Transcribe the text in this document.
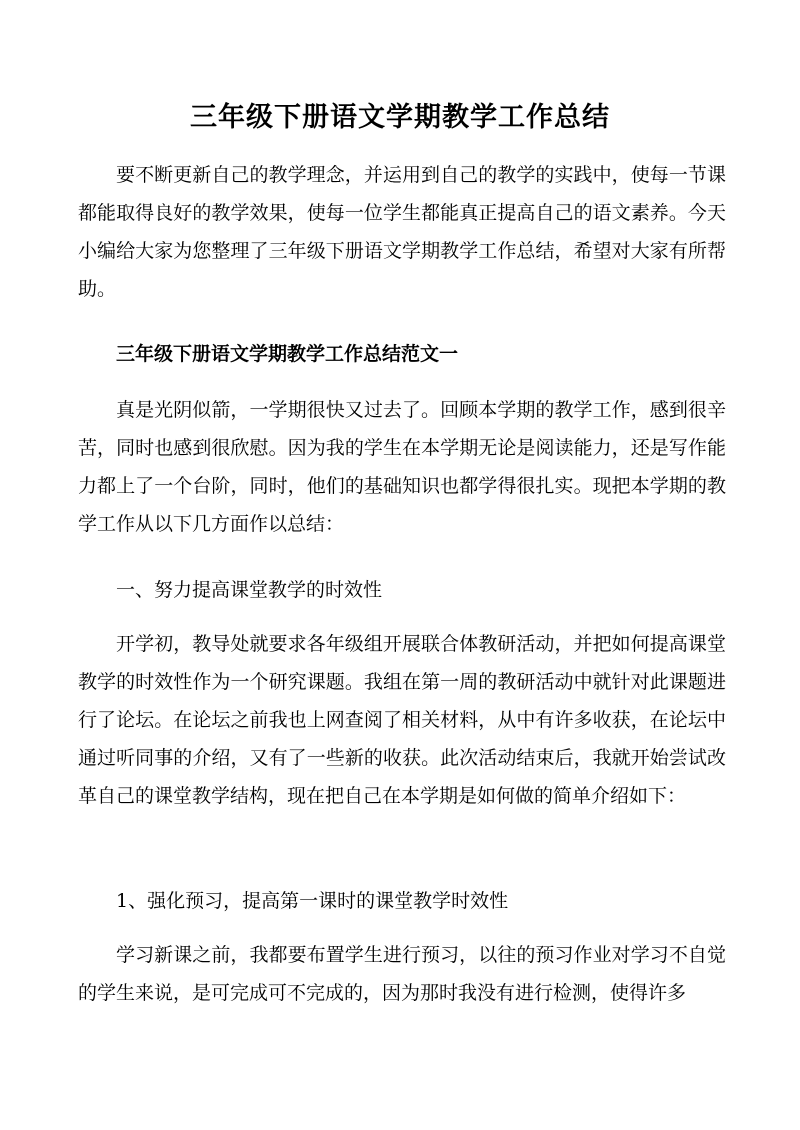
三年级下册语文学期教学工作总结

要不断更新自己的教学理念，并运用到自己的教学的实践中，使每一节课都能取得良好的教学效果，使每一位学生都能真正提高自己的语文素养。今天小编给大家为您整理了三年级下册语文学期教学工作总结，希望对大家有所帮助。

三年级下册语文学期教学工作总结范文一

真是光阴似箭，一学期很快又过去了。回顾本学期的教学工作，感到很辛苦，同时也感到很欣慰。因为我的学生在本学期无论是阅读能力，还是写作能力都上了一个台阶，同时，他们的基础知识也都学得很扎实。现把本学期的教学工作从以下几方面作以总结：

一、努力提高课堂教学的时效性

开学初，教导处就要求各年级组开展联合体教研活动，并把如何提高课堂教学的时效性作为一个研究课题。我组在第一周的教研活动中就针对此课题进行了论坛。在论坛之前我也上网查阅了相关材料，从中有许多收获，在论坛中通过听同事的介绍，又有了一些新的收获。此次活动结束后，我就开始尝试改革自己的课堂教学结构，现在把自己在本学期是如何做的简单介绍如下：

1、强化预习，提高第一课时的课堂教学时效性

学习新课之前，我都要布置学生进行预习，以往的预习作业对学习不自觉的学生来说，是可完成可不完成的，因为那时我没有进行检测，使得许多
